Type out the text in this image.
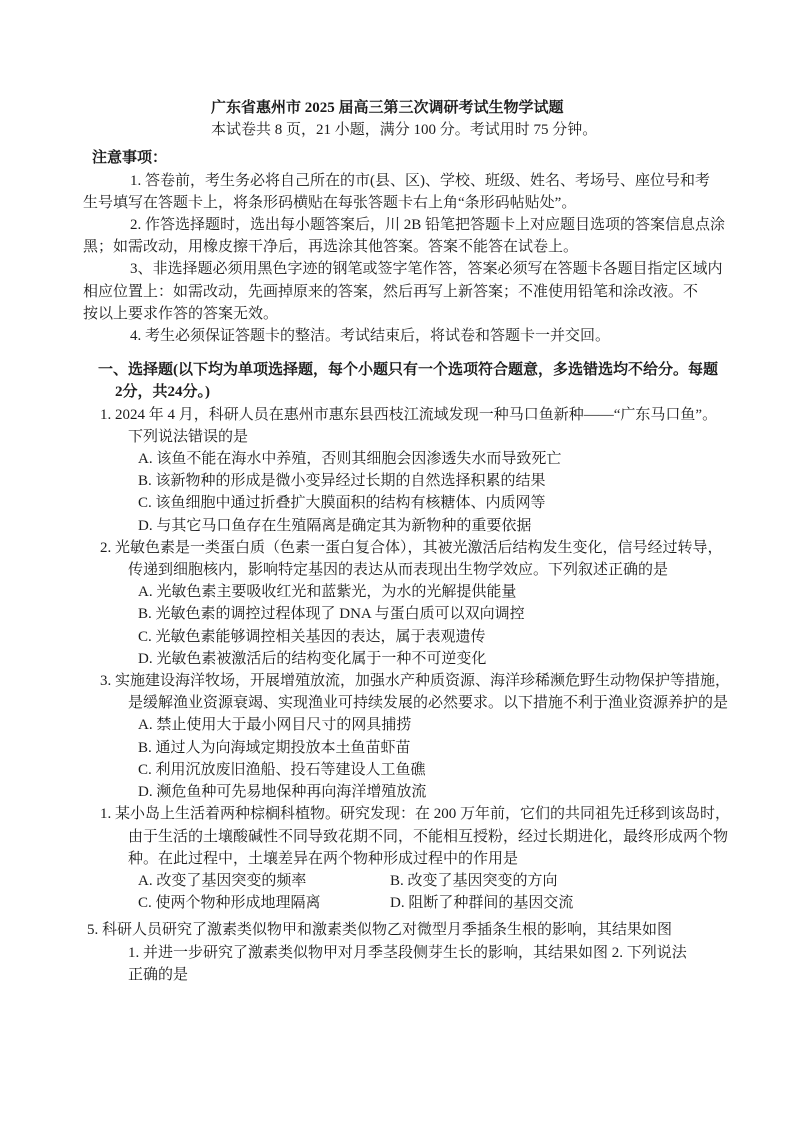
广东省惠州市 2025 届高三第三次调研考试生物学试题
本试卷共 8 页，21 小题，满分 100 分。考试用时 75 分钟。
注意事项：
1. 答卷前，考生务必将自己所在的市(县、区)、学校、班级、姓名、考场号、座位号和考
生号填写在答题卡上，将条形码横贴在每张答题卡右上角“条形码帖贴处”。
2. 作答选择题时，选出每小题答案后，川 2B 铅笔把答题卡上对应题目选项的答案信息点涂
黑；如需改动，用橡皮擦干净后，再选涂其他答案。答案不能答在试卷上。
3、非选择题必须用黑色字迹的钢笔或签字笔作答，答案必须写在答题卡各题目指定区域内
相应位置上：如需改动，先画掉原来的答案，然后再写上新答案；不准使用铅笔和涂改液。不
按以上要求作答的答案无效。
4. 考生必须保证答题卡的整洁。考试结束后，将试卷和答题卡一并交回。
一、选择题(以下均为单项选择题，每个小题只有一个选项符合题意，多选错选均不给分。每题
2分，共24分。)
1. 2024 年 4 月，科研人员在惠州市惠东县西枝江流域发现一种马口鱼新种——“广东马口鱼”。
下列说法错误的是
A. 该鱼不能在海水中养殖，否则其细胞会因渗透失水而导致死亡
B. 该新物种的形成是微小变异经过长期的自然选择积累的结果
C. 该鱼细胞中通过折叠扩大膜面积的结构有核糖体、内质网等
D. 与其它马口鱼存在生殖隔离是确定其为新物种的重要依据
2. 光敏色素是一类蛋白质（色素一蛋白复合体），其被光激活后结构发生变化，信号经过转导，
传递到细胞核内，影响特定基因的表达从而表现出生物学效应。下列叙述正确的是
A. 光敏色素主要吸收红光和蓝紫光，为水的光解提供能量
B. 光敏色素的调控过程体现了 DNA 与蛋白质可以双向调控
C. 光敏色素能够调控相关基因的表达，属于表观遗传
D. 光敏色素被激活后的结构变化属于一种不可逆变化
3. 实施建设海洋牧场，开展增殖放流，加强水产种质资源、海洋珍稀濒危野生动物保护等措施，
是缓解渔业资源衰竭、实现渔业可持续发展的必然要求。以下措施不利于渔业资源养护的是
A. 禁止使用大于最小网目尺寸的网具捕捞
B. 通过人为向海域定期投放本土鱼苗虾苗
C. 利用沉放废旧渔船、投石等建设人工鱼礁
D. 濒危鱼种可先易地保种再向海洋增殖放流
1. 某小岛上生活着两种棕榈科植物。研究发现：在 200 万年前，它们的共同祖先迁移到该岛时，
由于生活的土壤酸碱性不同导致花期不同，不能相互授粉，经过长期进化，最终形成两个物
种。在此过程中，土壤差异在两个物种形成过程中的作用是
A. 改变了基因突变的频率	B. 改变了基因突变的方向
C. 使两个物种形成地理隔离	D. 阻断了种群间的基因交流
5. 科研人员研究了激素类似物甲和激素类似物乙对微型月季插条生根的影响，其结果如图
1. 并进一步研究了激素类似物甲对月季茎段侧芽生长的影响，其结果如图 2. 下列说法
正确的是
